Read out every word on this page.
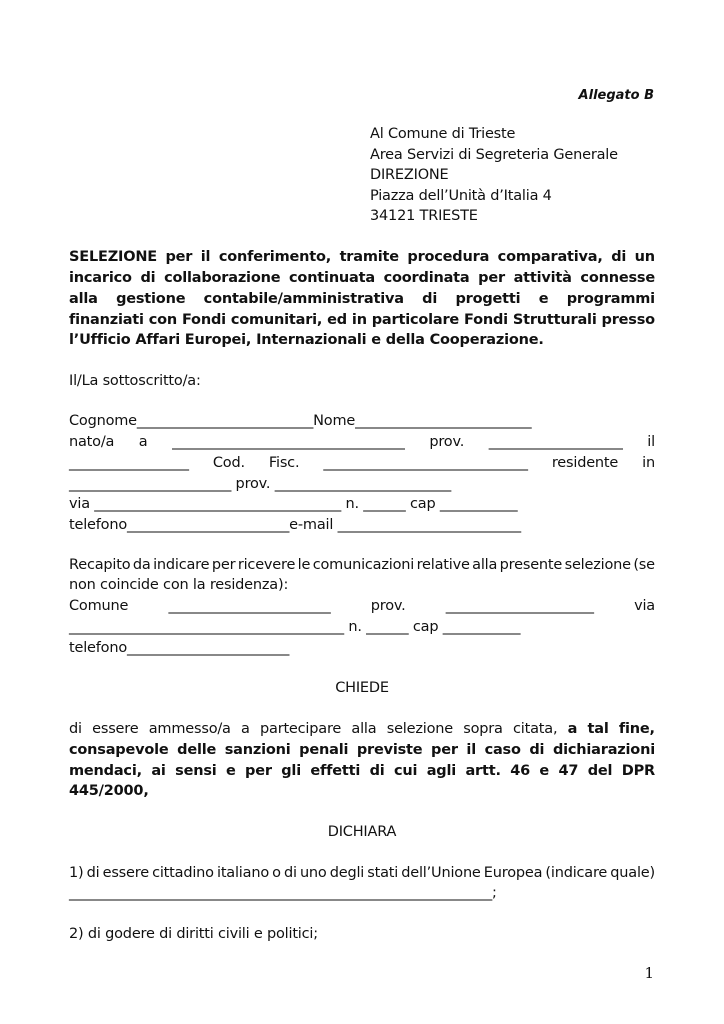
Allegato B
Al Comune di Trieste
Area Servizi di Segreteria Generale
DIREZIONE
Piazza dell’Unità d’Italia 4
34121 TRIESTE
SELEZIONE per il conferimento, tramite procedura comparativa, di un
incarico di collaborazione continuata coordinata per attività connesse
alla gestione contabile/amministrativa di progetti e programmi
finanziati con Fondi comunitari, ed in particolare Fondi Strutturali presso
l’Ufficio Affari Europei, Internazionali e della Cooperazione.
Il/La sottoscritto/a:
Cognome_________________________Nome_________________________
nato/a a _________________________________ prov. ___________________ il
_________________ Cod. Fisc. _____________________________ residente in
_______________________ prov. _________________________
via ___________________________________ n. ______ cap ___________
telefono_______________________e-mail __________________________
Recapito da indicare per ricevere le comunicazioni relative alla presente selezione (se
non coincide con la residenza):
Comune	_______________________	prov.	_____________________	via
_______________________________________ n. ______ cap ___________
telefono_______________________
CHIEDE
di essere ammesso/a a partecipare alla selezione sopra citata, a tal fine,
consapevole delle sanzioni penali previste per il caso di dichiarazioni
mendaci, ai sensi e per gli effetti di cui agli artt. 46 e 47 del DPR
445/2000,
DICHIARA
1) di essere cittadino italiano o di uno degli stati dell’Unione Europea (indicare quale)
____________________________________________________________;
2) di godere di diritti civili e politici;
1
